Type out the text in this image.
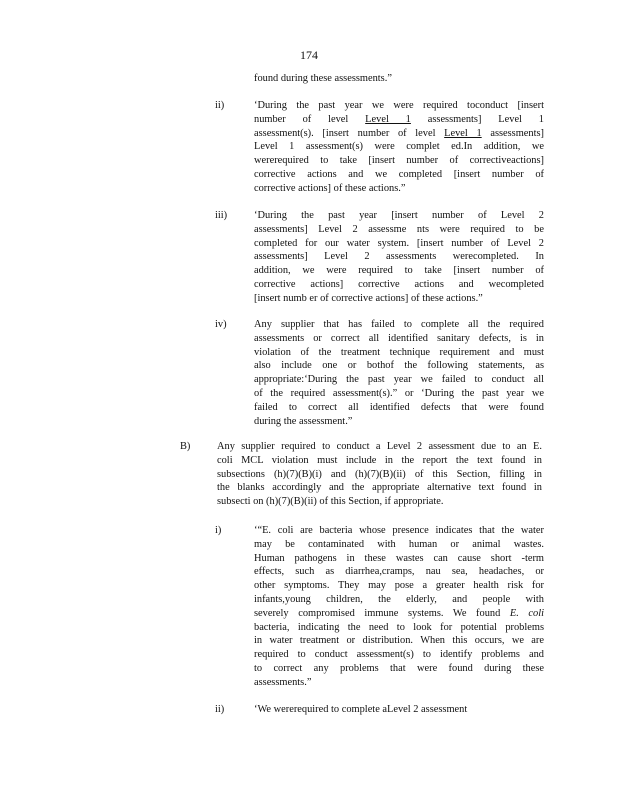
174
found during these assessments.”
ii)	‘During the past year we were required toconduct [insert
number of level Level 1 assessments] Level 1
assessment(s). [insert number of level Level 1 assessments]
Level 1 assessment(s) were complet ed.In addition, we
wererequired to take [insert number of correctiveactions]
corrective actions and we completed [insert number of
corrective actions] of these actions.”
iii)	‘During the past year [insert number of Level 2
assessments] Level 2 assessme nts were required to be
completed for our water system. [insert number of Level 2
assessments] Level 2 assessments werecompleted. In
addition, we were required to take [insert number of
corrective actions] corrective actions and wecompleted
[insert numb er of corrective actions] of these actions.”
iv)	Any supplier that has failed to complete all the required
assessments or correct all identified sanitary defects, is in
violation of the treatment technique requirement and must
also include one or bothof the following statements, as
appropriate:‘During the past year we failed to conduct all
of the required assessment(s).” or ‘During the past year we
failed to correct all identified defects that were found
during the assessment.”
B)	Any supplier required to conduct a Level 2 assessment due to an E.
coli MCL violation must include in the report the text found in
subsections (h)(7)(B)(i) and (h)(7)(B)(ii) of this Section, filling in
the blanks accordingly and the appropriate alternative text found in
subsecti on (h)(7)(B)(ii) of this Section, if appropriate.
i)	‘“E. coli are bacteria whose presence indicates that the water
may be contaminated with human or animal wastes.
Human pathogens in these wastes can cause short -term
effects, such as diarrhea,cramps, nau sea, headaches, or
other symptoms. They may pose a greater health risk for
infants,young children, the elderly, and people with
severely compromised immune systems. We found E. coli
bacteria, indicating the need to look for potential problems
in water treatment or distribution. When this occurs, we are
required to conduct assessment(s) to identify problems and
to correct any problems that were found during these
assessments.”
ii)	‘We wererequired to complete aLevel 2 assessment
